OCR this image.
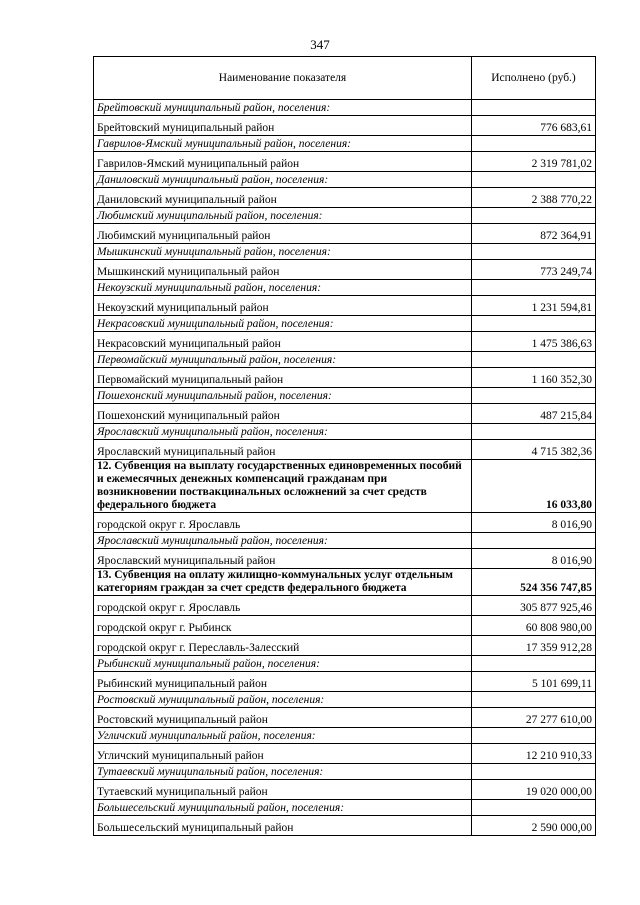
347
Наименование показателя	Исполнено (руб.)
Брейтовский муниципальный район, поселения:	
Брейтовский муниципальный район	776 683,61
Гаврилов-Ямский муниципальный район, поселения:	
Гаврилов-Ямский муниципальный район	2 319 781,02
Даниловский муниципальный район, поселения:	
Даниловский муниципальный район	2 388 770,22
Любимский муниципальный район, поселения:	
Любимский муниципальный район	872 364,91
Мышкинский муниципальный район, поселения:	
Мышкинский муниципальный район	773 249,74
Некоузский муниципальный район, поселения:	
Некоузский муниципальный район	1 231 594,81
Некрасовский муниципальный район, поселения:	
Некрасовский муниципальный район	1 475 386,63
Первомайский муниципальный район, поселения:	
Первомайский муниципальный район	1 160 352,30
Пошехонский муниципальный район, поселения:	
Пошехонский муниципальный район	487 215,84
Ярославский муниципальный район, поселения:	
Ярославский муниципальный район	4 715 382,36
12. Субвенция на выплату государственных единовременных пособий и ежемесячных денежных компенсаций гражданам при возникновении поствакцинальных осложнений за счет средств федерального бюджета	16 033,80
городской округ г. Ярославль	8 016,90
Ярославский муниципальный район, поселения:	
Ярославский муниципальный район	8 016,90
13. Субвенция на оплату жилищно-коммунальных услуг отдельным категориям граждан за счет средств федерального бюджета	524 356 747,85
городской округ г. Ярославль	305 877 925,46
городской округ г. Рыбинск	60 808 980,00
городской округ г. Переславль-Залесский	17 359 912,28
Рыбинский муниципальный район, поселения:	
Рыбинский муниципальный район	5 101 699,11
Ростовский муниципальный район, поселения:	
Ростовский муниципальный район	27 277 610,00
Угличский муниципальный район, поселения:	
Угличский муниципальный район	12 210 910,33
Тутаевский муниципальный район, поселения:	
Тутаевский муниципальный район	19 020 000,00
Большесельский муниципальный район, поселения:	
Большесельский муниципальный район	2 590 000,00
